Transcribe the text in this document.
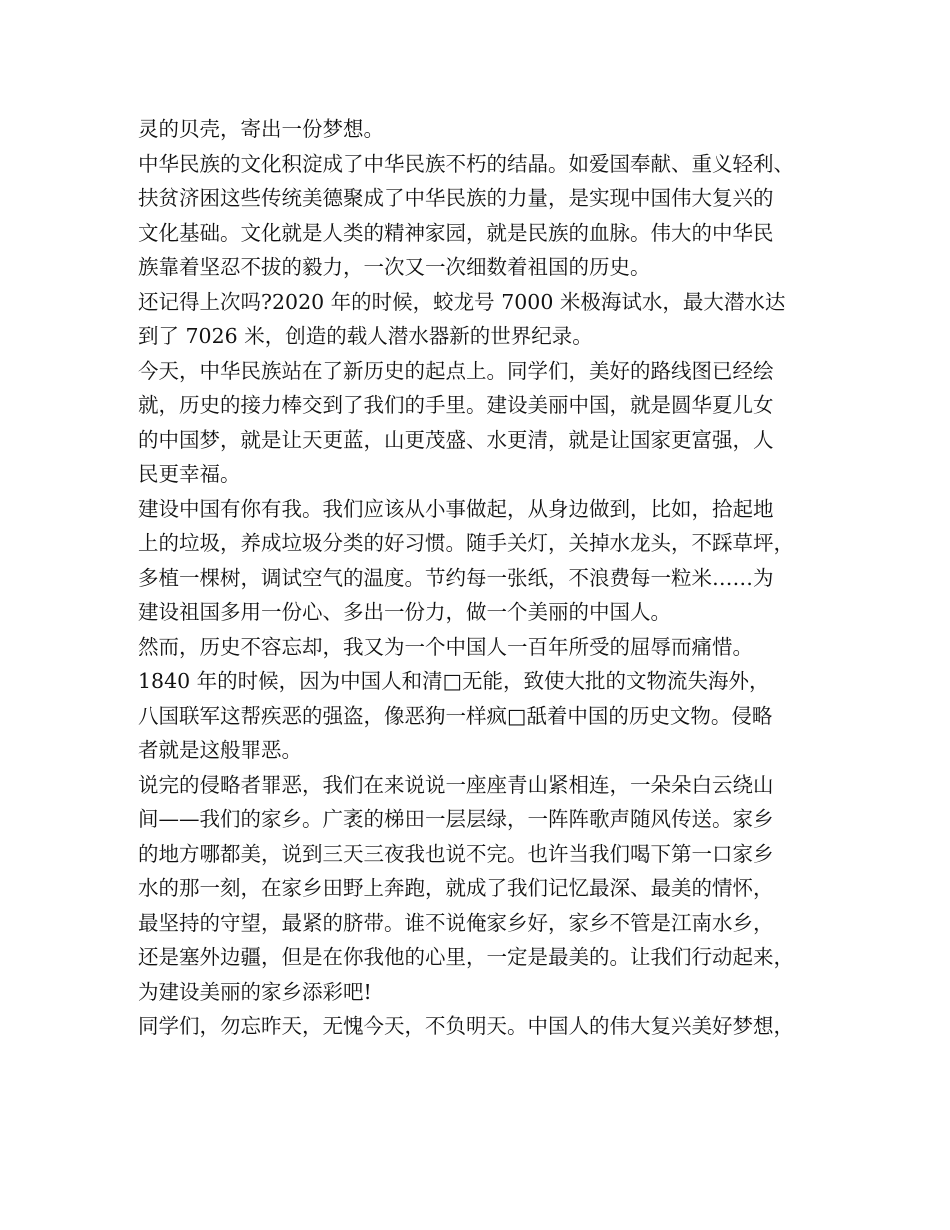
灵的贝壳，寄出一份梦想。
中华民族的文化积淀成了中华民族不朽的结晶。如爱国奉献、重义轻利、
扶贫济困这些传统美德聚成了中华民族的力量，是实现中国伟大复兴的
文化基础。文化就是人类的精神家园，就是民族的血脉。伟大的中华民
族靠着坚忍不拔的毅力，一次又一次细数着祖国的历史。
还记得上次吗?2020 年的时候，蛟龙号 7000 米极海试水，最大潜水达
到了 7026 米，创造的载人潜水器新的世界纪录。
今天，中华民族站在了新历史的起点上。同学们，美好的路线图已经绘
就，历史的接力棒交到了我们的手里。建设美丽中国，就是圆华夏儿女
的中国梦，就是让天更蓝，山更茂盛、水更清，就是让国家更富强，人
民更幸福。
建设中国有你有我。我们应该从小事做起，从身边做到，比如，拾起地
上的垃圾，养成垃圾分类的好习惯。随手关灯，关掉水龙头，不踩草坪，
多植一棵树，调试空气的温度。节约每一张纸，不浪费每一粒米……为
建设祖国多用一份心、多出一份力，做一个美丽的中国人。
然而，历史不容忘却，我又为一个中国人一百年所受的屈辱而痛惜。
1840 年的时候，因为中国人和清□无能，致使大批的文物流失海外，
八国联军这帮疾恶的强盗，像恶狗一样疯□舐着中国的历史文物。侵略
者就是这般罪恶。
说完的侵略者罪恶，我们在来说说一座座青山紧相连，一朵朵白云绕山
间——我们的家乡。广袤的梯田一层层绿，一阵阵歌声随风传送。家乡
的地方哪都美，说到三天三夜我也说不完。也许当我们喝下第一口家乡
水的那一刻，在家乡田野上奔跑，就成了我们记忆最深、最美的情怀，
最坚持的守望，最紧的脐带。谁不说俺家乡好，家乡不管是江南水乡，
还是塞外边疆，但是在你我他的心里，一定是最美的。让我们行动起来，
为建设美丽的家乡添彩吧!
同学们，勿忘昨天，无愧今天，不负明天。中国人的伟大复兴美好梦想，
